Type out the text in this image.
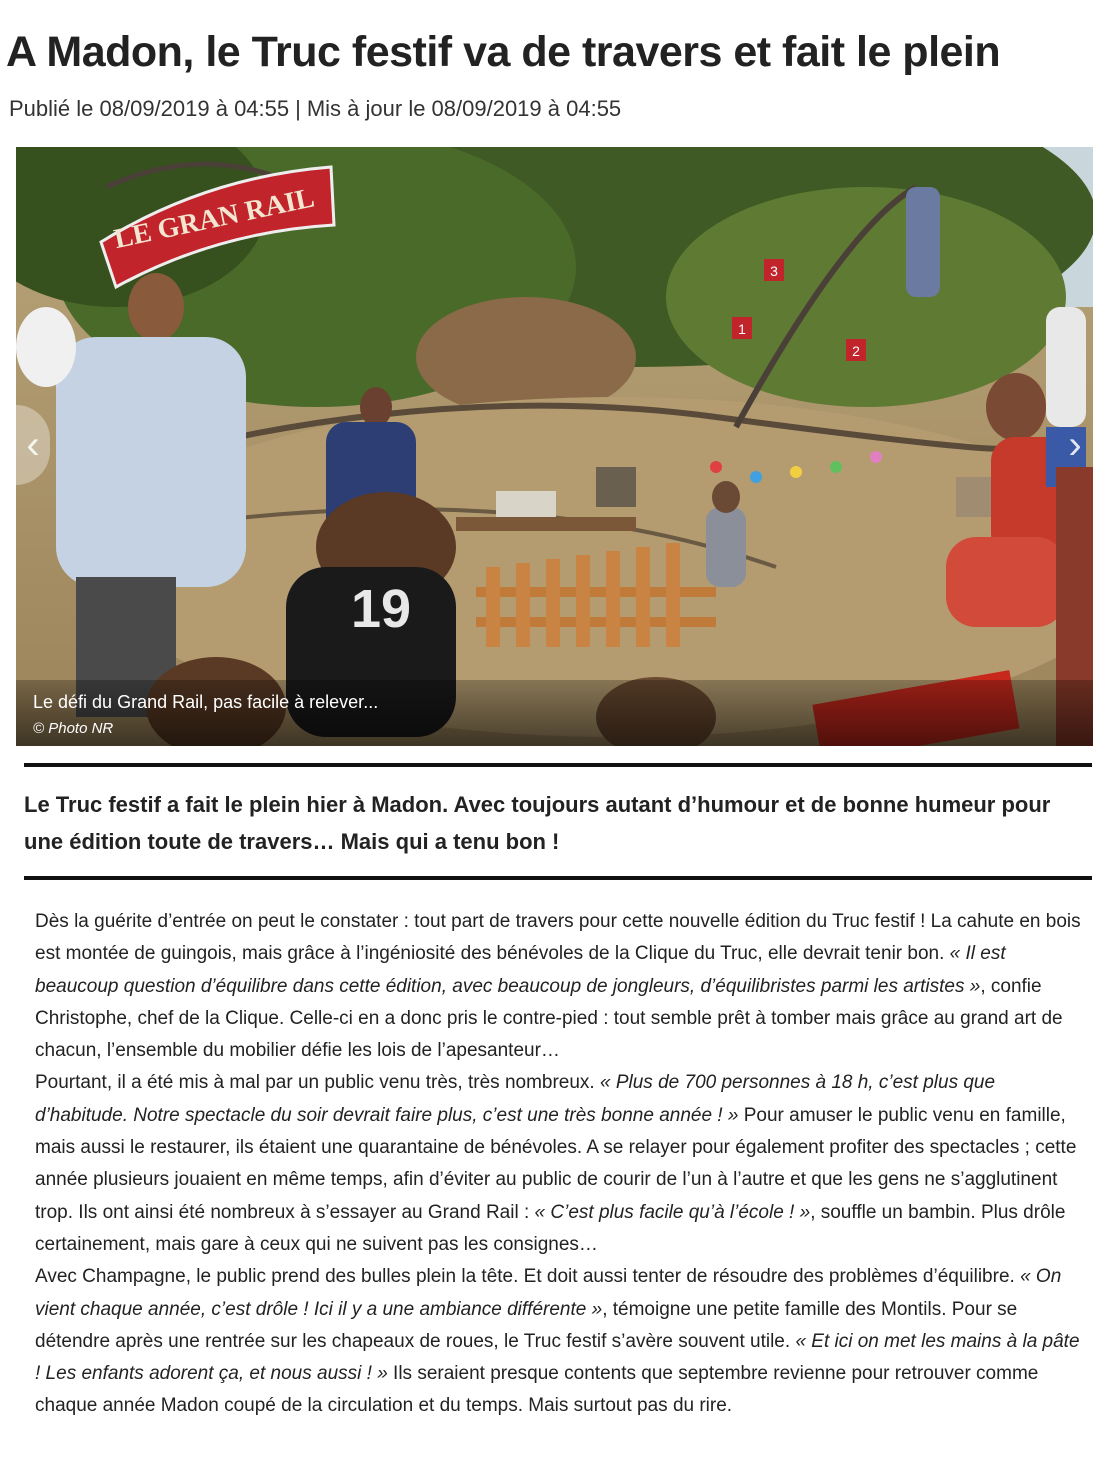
A Madon, le Truc festif va de travers et fait le plein
Publié le 08/09/2019 à 04:55 | Mis à jour le 08/09/2019 à 04:55
LE GRAN RAIL
1
2
3
19
‹	›
Le défi du Grand Rail, pas facile à relever...
© Photo NR
Le Truc festif a fait le plein hier à Madon. Avec toujours autant d’humour et de bonne humeur pour une édition toute de travers… Mais qui a tenu bon !

Dès la guérite d’entrée on peut le constater : tout part de travers pour cette nouvelle édition du Truc festif ! La cahute en bois est montée de guingois, mais grâce à l’ingéniosité des bénévoles de la Clique du Truc, elle devrait tenir bon. « Il est beaucoup question d’équilibre dans cette édition, avec beaucoup de jongleurs, d’équilibristes parmi les artistes », confie Christophe, chef de la Clique. Celle-ci en a donc pris le contre-pied : tout semble prêt à tomber mais grâce au grand art de chacun, l’ensemble du mobilier défie les lois de l’apesanteur…

Pourtant, il a été mis à mal par un public venu très, très nombreux. « Plus de 700 personnes à 18 h, c’est plus que d’habitude. Notre spectacle du soir devrait faire plus, c’est une très bonne année ! » Pour amuser le public venu en famille, mais aussi le restaurer, ils étaient une quarantaine de bénévoles. A se relayer pour également profiter des spectacles ; cette année plusieurs jouaient en même temps, afin d’éviter au public de courir de l’un à l’autre et que les gens ne s’agglutinent trop. Ils ont ainsi été nombreux à s’essayer au Grand Rail : « C’est plus facile qu’à l’école ! », souffle un bambin. Plus drôle certainement, mais gare à ceux qui ne suivent pas les consignes…

Avec Champagne, le public prend des bulles plein la tête. Et doit aussi tenter de résoudre des problèmes d’équilibre. « On vient chaque année, c’est drôle ! Ici il y a une ambiance différente », témoigne une petite famille des Montils. Pour se détendre après une rentrée sur les chapeaux de roues, le Truc festif s’avère souvent utile. « Et ici on met les mains à la pâte ! Les enfants adorent ça, et nous aussi ! » Ils seraient presque contents que septembre revienne pour retrouver comme chaque année Madon coupé de la circulation et du temps. Mais surtout pas du rire.
